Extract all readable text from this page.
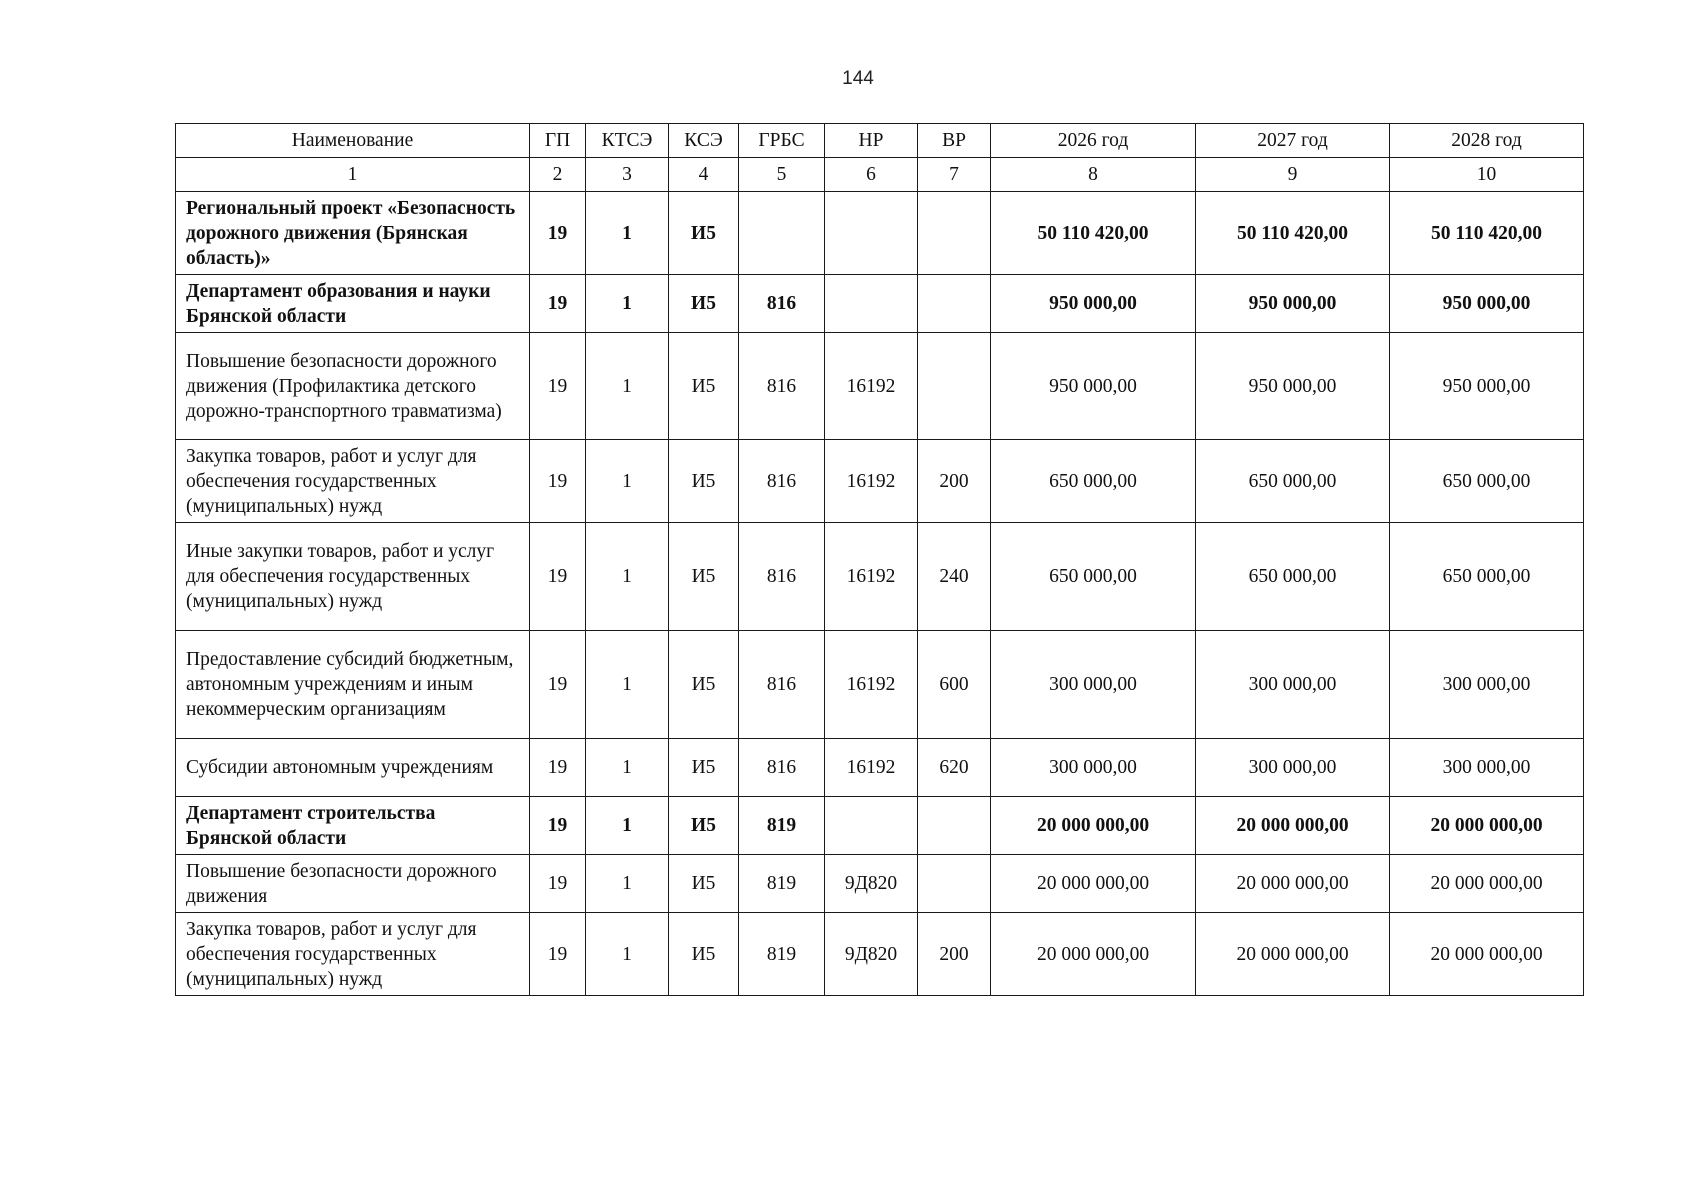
144
Наименование	ГП	КТСЭ	КСЭ	ГРБС	НР	ВР	2026 год	2027 год	2028 год
1	2	3	4	5	6	7	8	9	10
Региональный проект «Безопасность дорожного движения (Брянская область)»	19	1	И5				50 110 420,00	50 110 420,00	50 110 420,00
Департамент образования и науки Брянской области	19	1	И5	816			950 000,00	950 000,00	950 000,00
Повышение безопасности дорожного движения (Профилактика детского дорожно-транспортного травматизма)	19	1	И5	816	16192		950 000,00	950 000,00	950 000,00
Закупка товаров, работ и услуг для обеспечения государственных (муниципальных) нужд	19	1	И5	816	16192	200	650 000,00	650 000,00	650 000,00
Иные закупки товаров, работ и услуг для обеспечения государственных (муниципальных) нужд	19	1	И5	816	16192	240	650 000,00	650 000,00	650 000,00
Предоставление субсидий бюджетным, автономным учреждениям и иным некоммерческим организациям	19	1	И5	816	16192	600	300 000,00	300 000,00	300 000,00
Субсидии автономным учреждениям	19	1	И5	816	16192	620	300 000,00	300 000,00	300 000,00
Департамент строительства Брянской области	19	1	И5	819			20 000 000,00	20 000 000,00	20 000 000,00
Повышение безопасности дорожного движения	19	1	И5	819	9Д820		20 000 000,00	20 000 000,00	20 000 000,00
Закупка товаров, работ и услуг для обеспечения государственных (муниципальных) нужд	19	1	И5	819	9Д820	200	20 000 000,00	20 000 000,00	20 000 000,00
